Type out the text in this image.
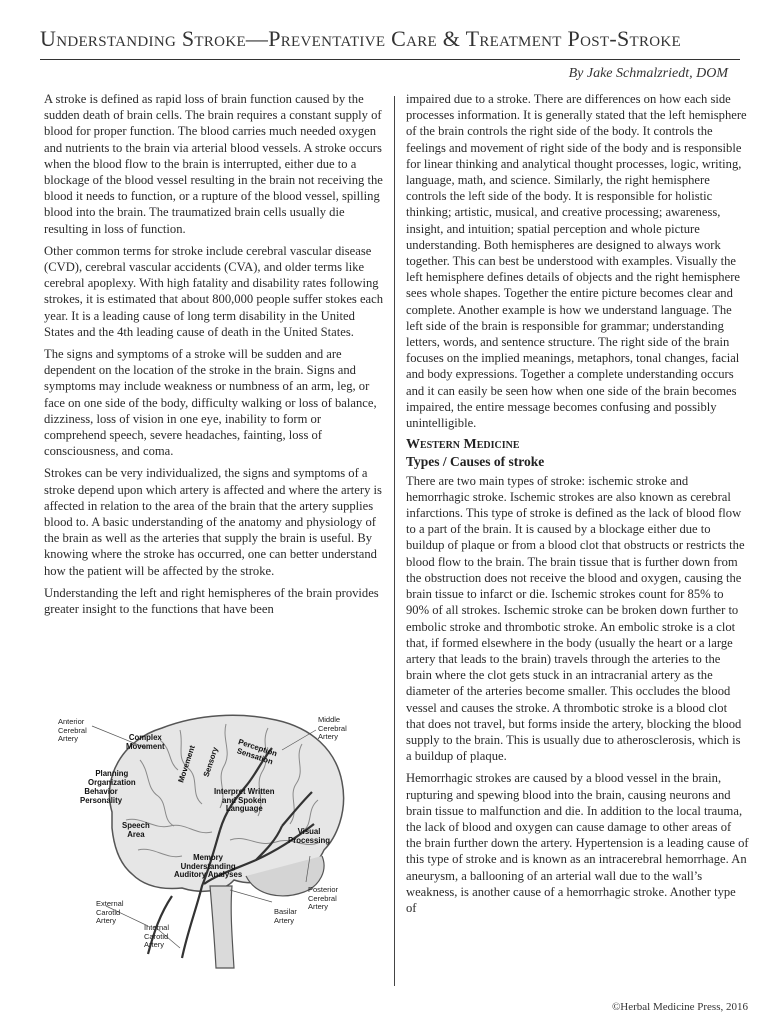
Understanding Stroke—Preventative Care & Treatment Post-Stroke
By Jake Schmalzriedt, DOM

A stroke is defined as rapid loss of brain function caused by the sudden death of brain cells. The brain requires a constant supply of blood for proper function. The blood carries much needed oxygen and nutrients to the brain via arterial blood vessels. A stroke occurs when the blood flow to the brain is interrupted, either due to a blockage of the blood vessel resulting in the brain not receiving the blood it needs to function, or a rupture of the blood vessel, spilling blood into the brain. The traumatized brain cells usually die resulting in loss of function.

Other common terms for stroke include cerebral vascular disease (CVD), cerebral vascular accidents (CVA), and older terms like cerebral apoplexy. With high fatality and disability rates following strokes, it is estimated that about 800,000 people suffer stokes each year. It is a leading cause of long term disability in the United States and the 4th leading cause of death in the United States.

The signs and symptoms of a stroke will be sudden and are dependent on the location of the stroke in the brain. Signs and symptoms may include weakness or numbness of an arm, leg, or face on one side of the body, difficulty walking or loss of balance, dizziness, loss of vision in one eye, inability to form or comprehend speech, severe headaches, fainting, loss of consciousness, and coma.

Strokes can be very individualized, the signs and symptoms of a stroke depend upon which artery is affected and where the artery is affected in relation to the area of the brain that the artery supplies blood to. A basic understanding of the anatomy and physiology of the brain as well as the arteries that supply the brain is useful. By knowing where the stroke has occurred, one can better understand how the patient will be affected by the stroke.

Understanding the left and right hemispheres of the brain provides greater insight to the functions that have been

impaired due to a stroke. There are differences on how each side processes information. It is generally stated that the left hemisphere of the brain controls the right side of the body. It controls the feelings and movement of right side of the body and is responsible for linear thinking and analytical thought processes, logic, writing, language, math, and science. Similarly, the right hemisphere controls the left side of the body. It is responsible for holistic thinking; artistic, musical, and creative processing; awareness, insight, and intuition; spatial perception and whole picture understanding. Both hemispheres are designed to always work together. This can best be understood with examples. Visually the left hemisphere defines details of objects and the right hemisphere sees whole shapes. Together the entire picture becomes clear and complete. Another example is how we understand language. The left side of the brain is responsible for grammar; understanding letters, words, and sentence structure. The right side of the brain focuses on the implied meanings, metaphors, tonal changes, facial and body expressions. Together a complete understanding occurs and it can easily be seen how when one side of the brain becomes impaired, the entire message becomes confusing and possibly unintelligible.

Western Medicine
Types / Causes of stroke

There are two main types of stroke: ischemic stroke and hemorrhagic stroke. Ischemic strokes are also known as cerebral infarctions. This type of stroke is defined as the lack of blood flow to a part of the brain. It is caused by a blockage either due to buildup of plaque or from a blood clot that obstructs or restricts the blood flow to the brain. The brain tissue that is further down from the obstruction does not receive the blood and oxygen, causing the brain tissue to infarct or die. Ischemic strokes count for 85% to 90% of all strokes. Ischemic stroke can be broken down further to embolic stroke and thrombotic stroke. An embolic stroke is a clot that, if formed elsewhere in the body (usually the heart or a large artery that leads to the brain) travels through the arteries to the brain where the clot gets stuck in an intracranial artery as the diameter of the arteries become smaller. This occludes the blood vessel and causes the stroke. A thrombotic stroke is a blood clot that does not travel, but forms inside the artery, blocking the blood supply to the brain. This is usually due to atherosclerosis, which is a buildup of plaque.

Hemorrhagic strokes are caused by a blood vessel in the brain, rupturing and spewing blood into the brain, causing neurons and brain tissue to malfunction and die. In addition to the local trauma, the lack of blood and oxygen can cause damage to other areas of the brain further down the artery. Hypertension is a leading cause of this type of stroke and is known as an intracerebral hemorrhage. An aneurysm, a ballooning of an arterial wall due to the wall’s weakness, is another cause of a hemorrhagic stroke. Another type of

Anterior
Cerebral
Artery
Middle
Cerebral
Artery
External
Carotid
Artery
Internal
Carotid
Artery
Basilar
Artery
Posterior
Cerebral
Artery
Complex
Movement Movement Sensory	Perception
Sensation
Planning
Organization
Behavior
Personality
Interpret Written
and Spoken
Language
Speech
Area	Visual
Processing
Memory
Understanding
Auditory Analyses
©Herbal Medicine Press, 2016
